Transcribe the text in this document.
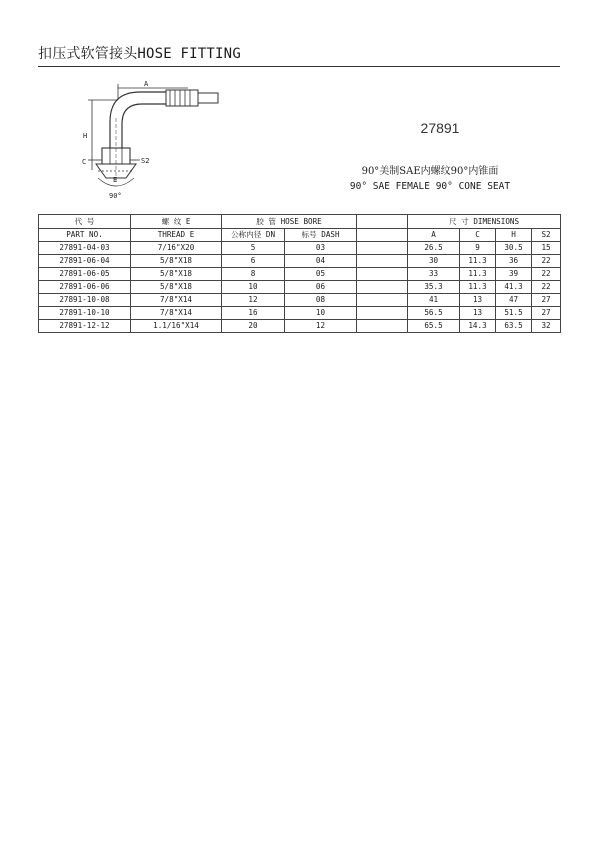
扣压式软管接头HOSE FITTING
A
H
C
E
S2
90°
27891
90°美制SAE内螺纹90°内锥面
90° SAE FEMALE 90° CONE SEAT
代 号	螺 纹 E	胶 管 HOSE BORE			尺 寸 DIMENSIONS			
PART NO.	THREAD E	公称内径 DN	标号 DASH		A	C	H	S2
27891-04-03	7/16"X20	5	03		26.5	9	30.5	15
27891-06-04	5/8"X18	6	04		30	11.3	36	22
27891-06-05	5/8"X18	8	05		33	11.3	39	22
27891-06-06	5/8"X18	10	06		35.3	11.3	41.3	22
27891-10-08	7/8"X14	12	08		41	13	47	27
27891-10-10	7/8"X14	16	10		56.5	13	51.5	27
27891-12-12	1.1/16"X14	20	12		65.5	14.3	63.5	32
